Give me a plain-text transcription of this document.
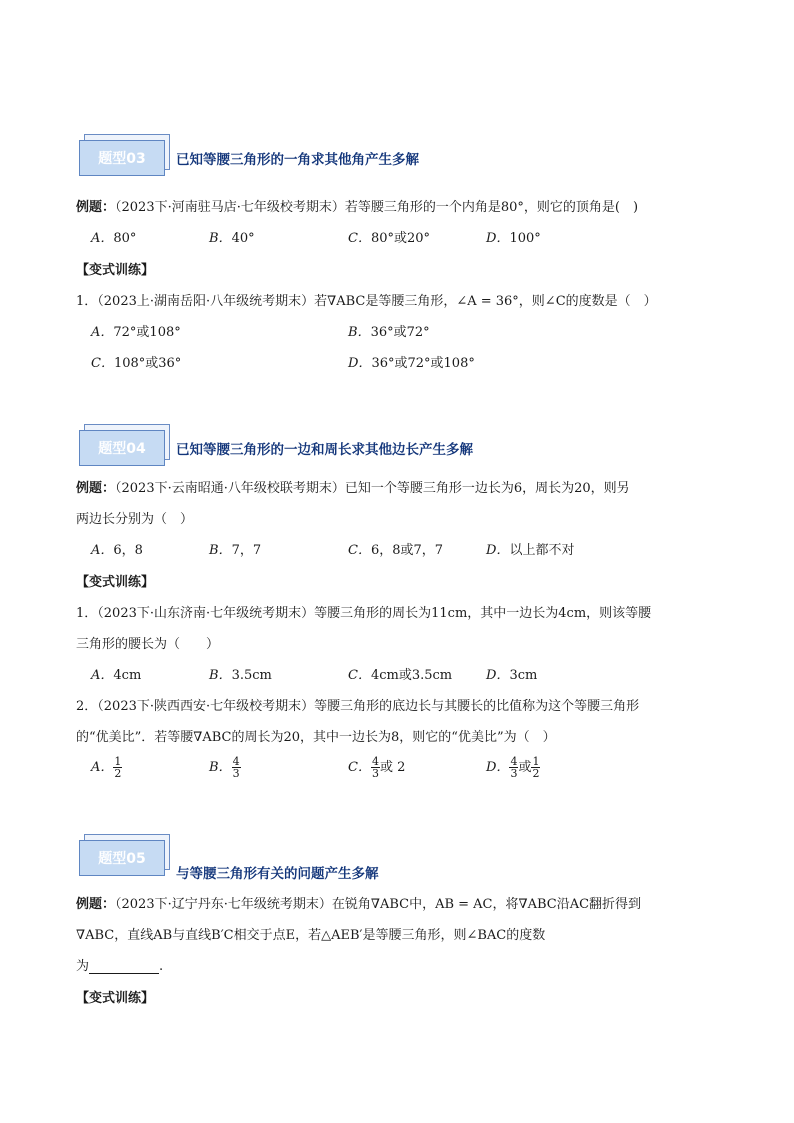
题型03	已知等腰三角形的一角求其他角产生多解
例题：（2023下·河南驻马店·七年级校考期末）若等腰三角形的一个内角是80°，则它的顶角是(　)
A．80°	B．40°	C．80°或20°	D．100°
【变式训练】
1．（2023上·湖南岳阳·八年级统考期末）若∇ABC是等腰三角形，∠A = 36°，则∠C的度数是（　）
A．72°或108°	B．36°或72°
C．108°或36°	D．36°或72°或108°
题型04	已知等腰三角形的一边和周长求其他边长产生多解
例题：（2023下·云南昭通·八年级校联考期末）已知一个等腰三角形一边长为6，周长为20，则另
两边长分别为（　）
A．6，8	B．7，7	C．6，8或7，7	D．以上都不对
【变式训练】
1．（2023下·山东济南·七年级统考期末）等腰三角形的周长为11cm，其中一边长为4cm，则该等腰
三角形的腰长为（　　）
A．4cm	B．3.5cm	C．4cm或3.5cm	D．3cm
2．（2023下·陕西西安·七年级校考期末）等腰三角形的底边长与其腰长的比值称为这个等腰三角形
的“优美比”．若等腰∇ABC的周长为20，其中一边长为8，则它的“优美比”为（　）
A． $\frac{1}{2}$	B． $\frac{4}{3}$	C． $\frac{4}{3}$ 或 2	D． $\frac{4}{3}$ 或 $\frac{1}{2}$
题型05
与等腰三角形有关的问题产生多解
例题：（2023下·辽宁丹东·七年级统考期末）在锐角∇ABC中，AB = AC，将∇ABC沿AC翻折得到
∇ABC，直线AB与直线B′C相交于点E，若△AEB′是等腰三角形，则∠BAC的度数
为	.
【变式训练】
